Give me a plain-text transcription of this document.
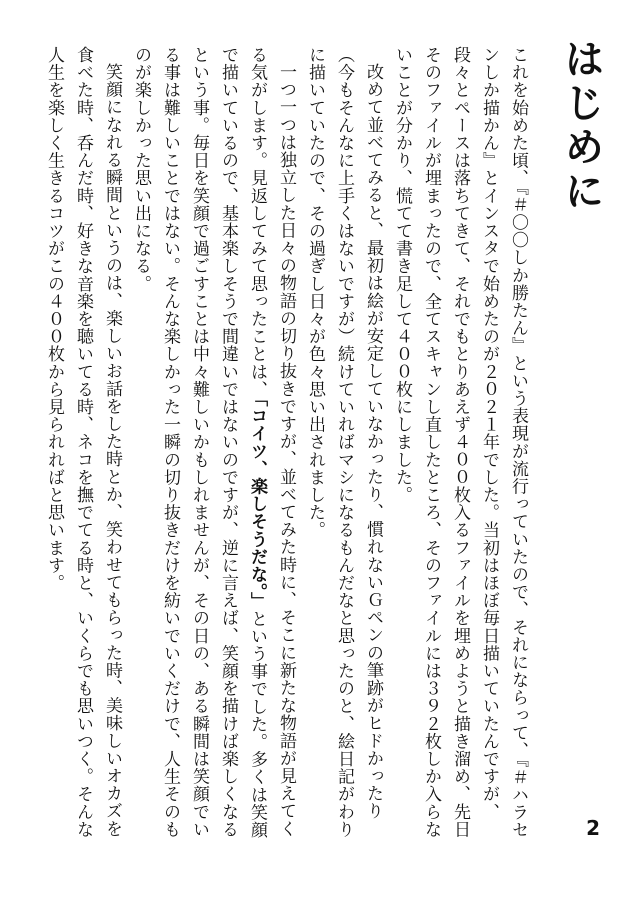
はじめに

これを始めた頃、『＃〇〇しか勝たん』という表現が流行っていたので、それにならって、『＃ハラセンしか描かん』とインスタで始めたのが２０２１年でした。当初はほぼ毎日描いていたんですが、段々とペースは落ちてきて、それでもとりあえず４００枚入るファイルを埋めようと描き溜め、先日そのファイルが埋まったので、全てスキャンし直したところ、そのファイルには３９２枚しか入らないことが分かり、慌てて書き足して４００枚にしました。

改めて並べてみると、最初は絵が安定していなかったり、慣れないＧペンの筆跡がヒドかったり（今もそんなに上手くはないですが）続けていればマシになるもんだなと思ったのと、絵日記がわりに描いていたので、その過ぎし日々が色々思い出されました。

一つ一つは独立した日々の物語の切り抜きですが、並べてみた時に、そこに新たな物語が見えてくる気がします。見返してみて思ったことは、「コイツ、楽しそうだな。」という事でした。多くは笑顔で描いているので、基本楽しそうで間違いではないのですが、逆に言えば、笑顔を描けば楽しくなるという事。毎日を笑顔で過ごすことは中々難しいかもしれませんが、その日の、ある瞬間は笑顔でいる事は難しいことではない。そんな楽しかった一瞬の切り抜きだけを紡いでいくだけで、人生そのものが楽しかった思い出になる。

笑顔になれる瞬間というのは、楽しいお話をした時とか、笑わせてもらった時、美味しいオカズを食べた時、呑んだ時、好きな音楽を聴いてる時、ネコを撫でてる時と、いくらでも思いつく。そんな人生を楽しく生きるコツがこの４００枚から見られればと思います。

2
